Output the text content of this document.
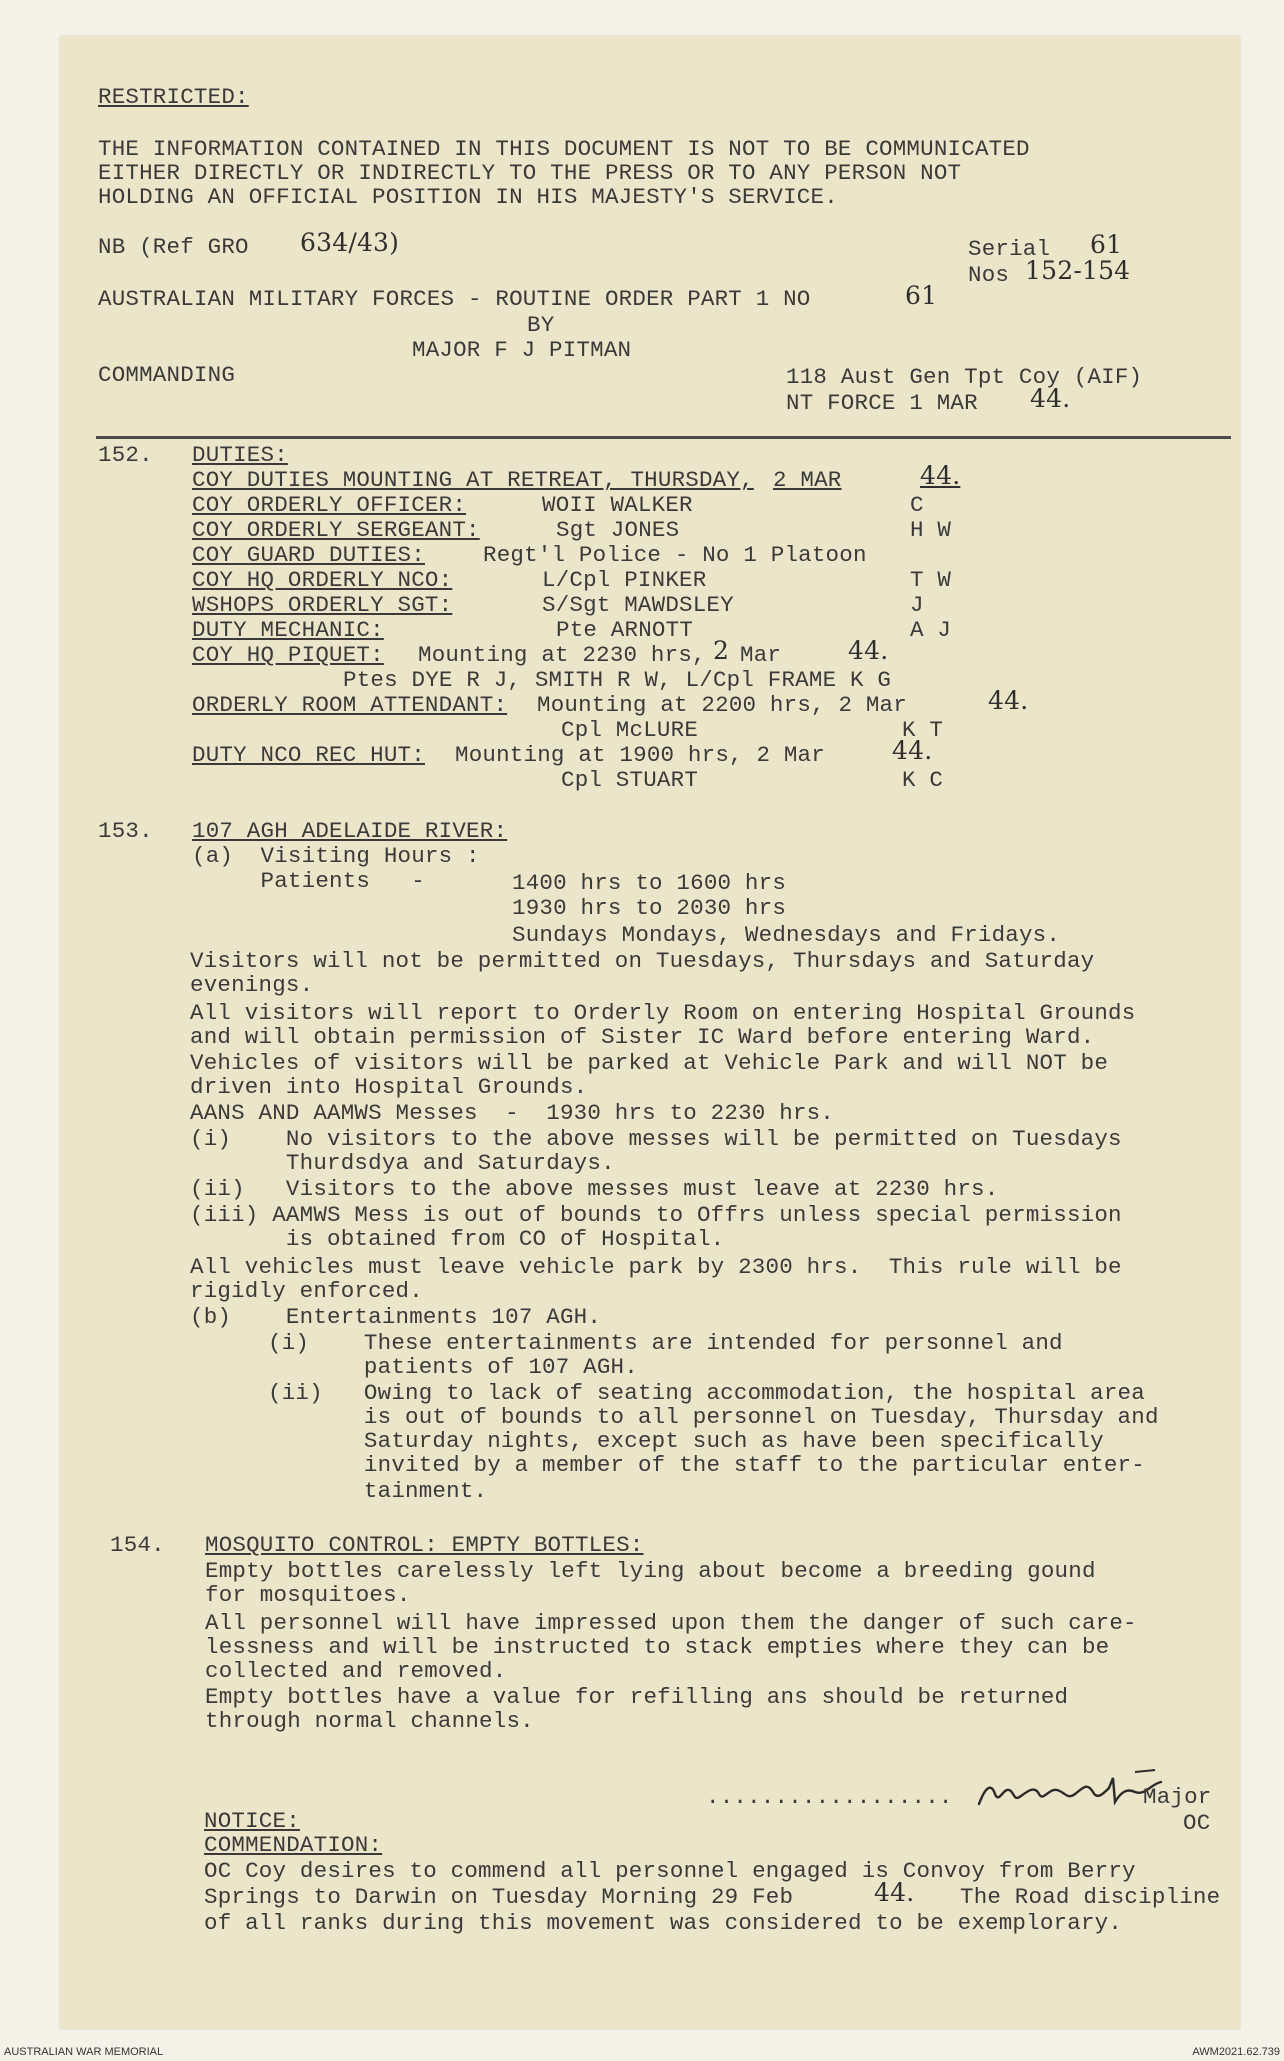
RESTRICTED:
THE INFORMATION CONTAINED IN THIS DOCUMENT IS NOT TO BE COMMUNICATED
EITHER DIRECTLY OR INDIRECTLY TO THE PRESS OR TO ANY PERSON NOT
HOLDING AN OFFICIAL POSITION IN HIS MAJESTY'S SERVICE.
NB (Ref GRO 634/43)	Serial 61
Nos 152-154
AUSTRALIAN MILITARY FORCES - ROUTINE ORDER PART 1 NO	61
BY
MAJOR F J PITMAN
COMMANDING	118 Aust Gen Tpt Coy (AIF)
NT FORCE 1 MAR 44.
152. DUTIES:
COY DUTIES MOUNTING AT RETREAT, THURSDAY, 2 MAR	44.
COY ORDERLY OFFICER:	WOII WALKER	C
COY ORDERLY SERGEANT:	Sgt JONES	H W
COY GUARD DUTIES:	Regt'l Police - No 1 Platoon
COY HQ ORDERLY NCO:	L/Cpl PINKER	T W
WSHOPS ORDERLY SGT:	S/Sgt MAWDSLEY	J
DUTY MECHANIC:	Pte ARNOTT	A J
COY HQ PIQUET: Mounting at 2230 hrs, 2 Mar	44.
Ptes DYE R J, SMITH R W, L/Cpl FRAME K G
ORDERLY ROOM ATTENDANT: Mounting at 2200 hrs, 2 Mar	44.
Cpl McLURE	K T
DUTY NCO REC HUT: Mounting at 1900 hrs, 2 Mar	44.
Cpl STUART	K C
153. 107 AGH ADELAIDE RIVER:
(a)  Visiting Hours :
Patients   -	1400 hrs to 1600 hrs
1930 hrs to 2030 hrs
Sundays Mondays, Wednesdays and Fridays.
Visitors will not be permitted on Tuesdays, Thursdays and Saturday
evenings.
All visitors will report to Orderly Room on entering Hospital Grounds
and will obtain permission of Sister IC Ward before entering Ward.
Vehicles of visitors will be parked at Vehicle Park and will NOT be
driven into Hospital Grounds.
AANS AND AAMWS Messes  -  1930 hrs to 2230 hrs.
(i)    No visitors to the above messes will be permitted on Tuesdays
Thurdsdya and Saturdays.
(ii)   Visitors to the above messes must leave at 2230 hrs.
(iii) AAMWS Mess is out of bounds to Offrs unless special permission
is obtained from CO of Hospital.
All vehicles must leave vehicle park by 2300 hrs.  This rule will be
rigidly enforced.
(b)    Entertainments 107 AGH.
(i)    These entertainments are intended for personnel and
patients of 107 AGH.
(ii)   Owing to lack of seating accommodation, the hospital area
is out of bounds to all personnel on Tuesday, Thursday and
Saturday nights, except such as have been specifically
invited by a member of the staff to the particular enter-
tainment.
154. MOSQUITO CONTROL: EMPTY BOTTLES:
Empty bottles carelessly left lying about become a breeding gound
for mosquitoes.
All personnel will have impressed upon them the danger of such care-
lessness and will be instructed to stack empties where they can be
collected and removed.
Empty bottles have a value for refilling ans should be returned
through normal channels.
..................	Major
OC
NOTICE:
COMMENDATION:
OC Coy desires to commend all personnel engaged is Convoy from Berry
Springs to Darwin on Tuesday Morning 29 Feb	44. The Road discipline
of all ranks during this movement was considered to be exemplorary.
AUSTRALIAN WAR MEMORIAL	AWM2021.62.739
